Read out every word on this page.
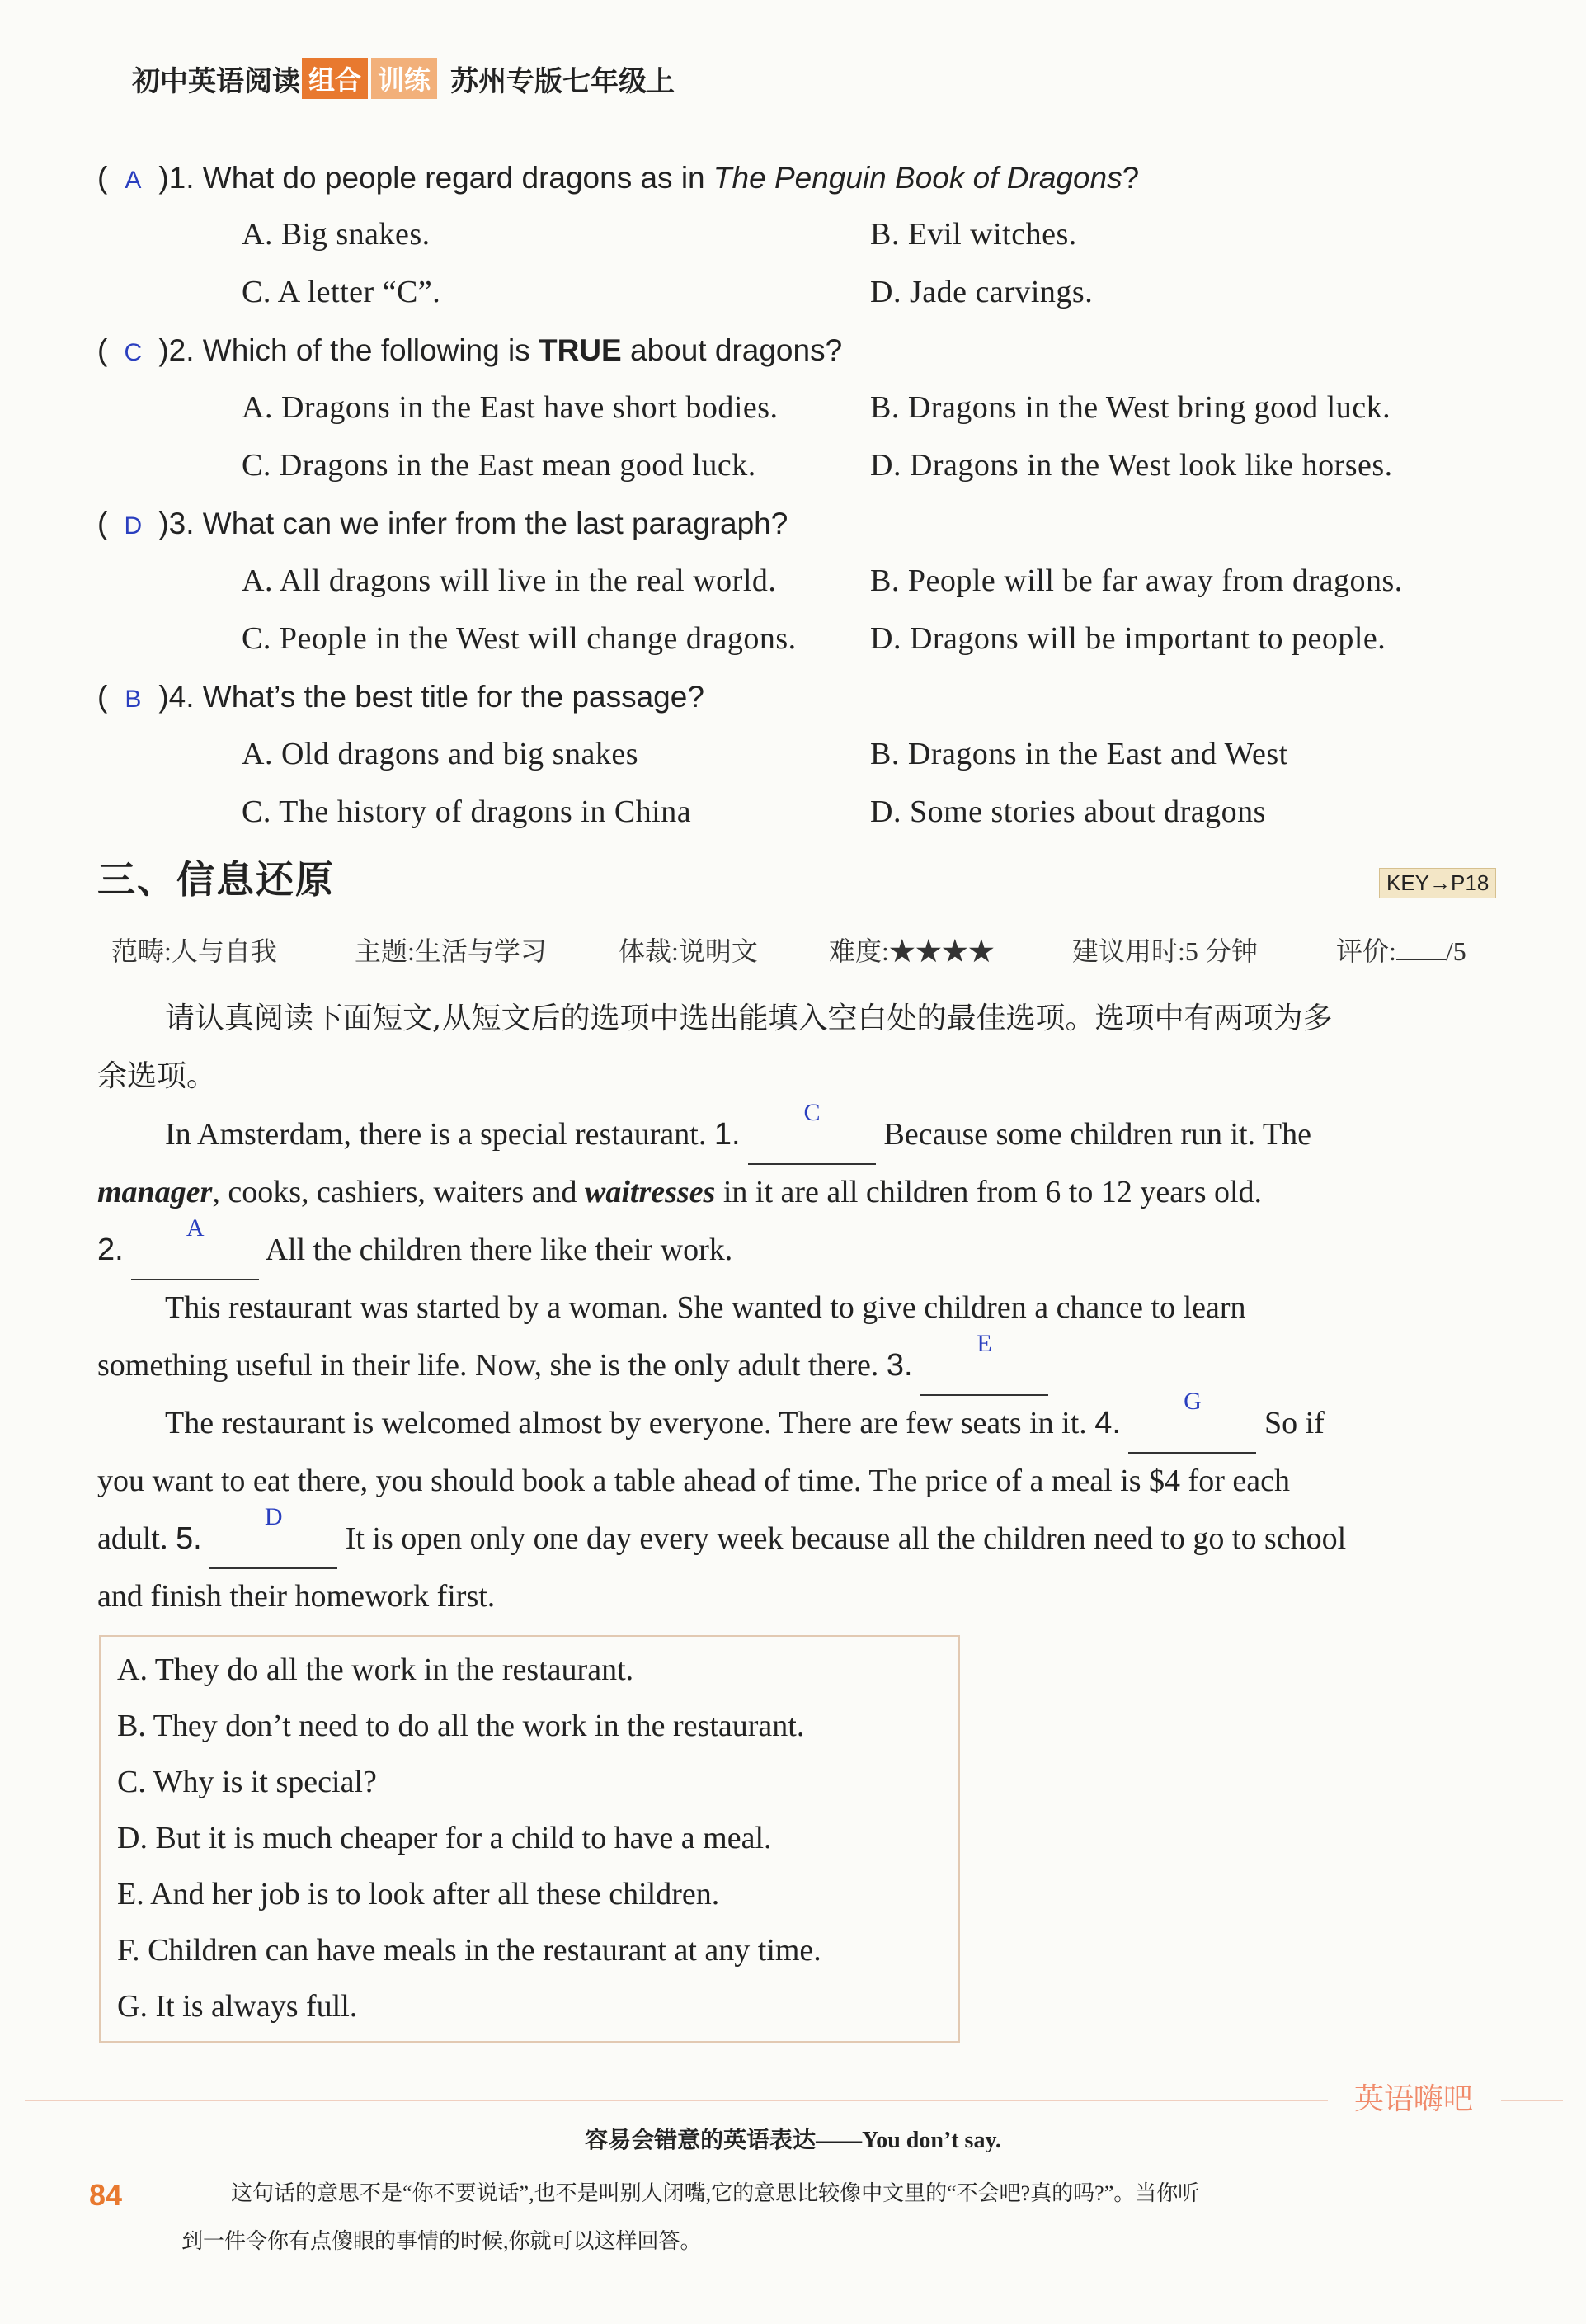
初中英语阅读 组合 训练 苏州专版七年级上
( A )1. What do people regard dragons as in The Penguin Book of Dragons?
A. Big snakes.	B. Evil witches.
C. A letter “C”.	D. Jade carvings.
( C )2. Which of the following is TRUE about dragons?
A. Dragons in the East have short bodies.	B. Dragons in the West bring good luck.
C. Dragons in the East mean good luck.	D. Dragons in the West look like horses.
( D )3. What can we infer from the last paragraph?
A. All dragons will live in the real world.	B. People will be far away from dragons.
C. People in the West will change dragons. D. Dragons will be important to people.
( B )4. What’s the best title for the passage?
A. Old dragons and big snakes	B. Dragons in the East and West
C. The history of dragons in China	D. Some stories about dragons
三、信息还原	KEY→P18
范畴:人与自我	主题:生活与学习	体裁:说明文	难度:★★★★	建议用时:5 分钟	评价: /5
请认真阅读下面短文,从短文后的选项中选出能填入空白处的最佳选项。选项中有两项为多
余选项。
In Amsterdam, there is a special restaurant. 1.
C
Because some children run it. The
manager, cooks, cashiers, waiters and waitresses in it are all children from 6 to 12 years old.
2.
A
All the children there like their work.
This restaurant was started by a woman. She wanted to give children a chance to learn
something useful in their life. Now, she is the only adult there. 3.
E

The restaurant is welcomed almost by everyone. There are few seats in it. 4.
G
So if
you want to eat there, you should book a table ahead of time. The price of a meal is $4 for each
adult. 5.
D
It is open only one day every week because all the children need to go to school
and finish their homework first.
A. They do all the work in the restaurant.
B. They don’t need to do all the work in the restaurant.
C. Why is it special?
D. But it is much cheaper for a child to have a meal.
E. And her job is to look after all these children.
F. Children can have meals in the restaurant at any time.
G. It is always full.
英语嗨吧
容易会错意的英语表达——You don’t say.
84	这句话的意思不是“你不要说话”,也不是叫别人闭嘴,它的意思比较像中文里的“不会吧?真的吗?”。当你听
到一件令你有点傻眼的事情的时候,你就可以这样回答。
